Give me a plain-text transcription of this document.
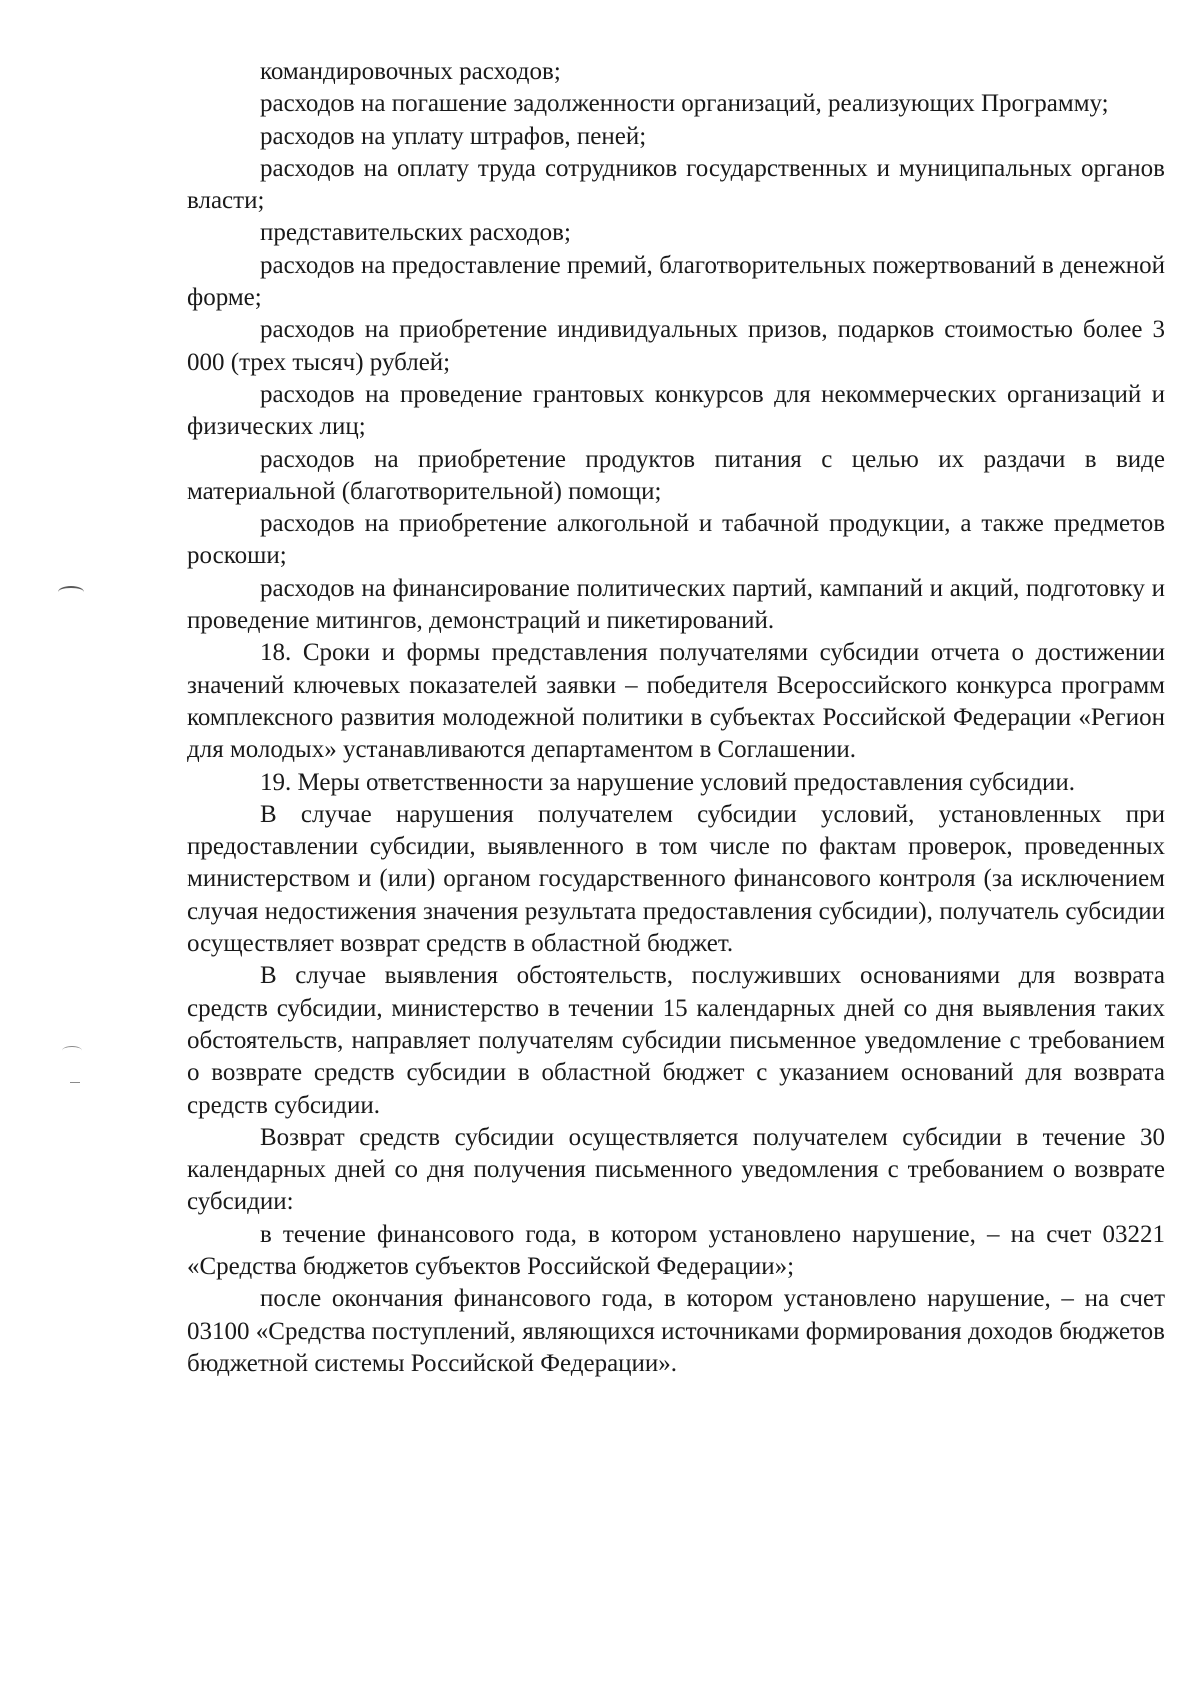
командировочных расходов;

расходов на погашение задолженности организаций, реализующих Программу;

расходов на уплату штрафов, пеней;

расходов на оплату труда сотрудников государственных и муниципальных органов власти;

представительских расходов;

расходов на предоставление премий, благотворительных пожертвований в денежной форме;

расходов на приобретение индивидуальных призов, подарков стоимостью более 3 000 (трех тысяч) рублей;

расходов на проведение грантовых конкурсов для некоммерческих организаций и физических лиц;

расходов на приобретение продуктов питания с целью их раздачи в виде материальной (благотворительной) помощи;

расходов на приобретение алкогольной и табачной продукции, а также предметов роскоши;

расходов на финансирование политических партий, кампаний и акций, подготовку и проведение митингов, демонстраций и пикетирований.

18. Сроки и формы представления получателями субсидии отчета о достижении значений ключевых показателей заявки – победителя Всероссийского конкурса программ комплексного развития молодежной политики в субъектах Российской Федерации «Регион для молодых» устанавливаются департаментом в Соглашении.

19. Меры ответственности за нарушение условий предоставления субсидии.

В случае нарушения получателем субсидии условий, установленных при предоставлении субсидии, выявленного в том числе по фактам проверок, проведенных министерством и (или) органом государственного финансового контроля (за исключением случая недостижения значения результата предоставления субсидии), получатель субсидии осуществляет возврат средств в областной бюджет.

В случае выявления обстоятельств, послуживших основаниями для возврата средств субсидии, министерство в течении 15 календарных дней со дня выявления таких обстоятельств, направляет получателям субсидии письменное уведомление с требованием о возврате средств субсидии в областной бюджет с указанием оснований для возврата средств субсидии.

Возврат средств субсидии осуществляется получателем субсидии в течение 30 календарных дней со дня получения письменного уведомления с требованием о возврате субсидии:

в течение финансового года, в котором установлено нарушение, – на счет 03221 «Средства бюджетов субъектов Российской Федерации»;

после окончания финансового года, в котором установлено нарушение, – на счет 03100 «Средства поступлений, являющихся источниками формирования доходов бюджетов бюджетной системы Российской Федерации».
